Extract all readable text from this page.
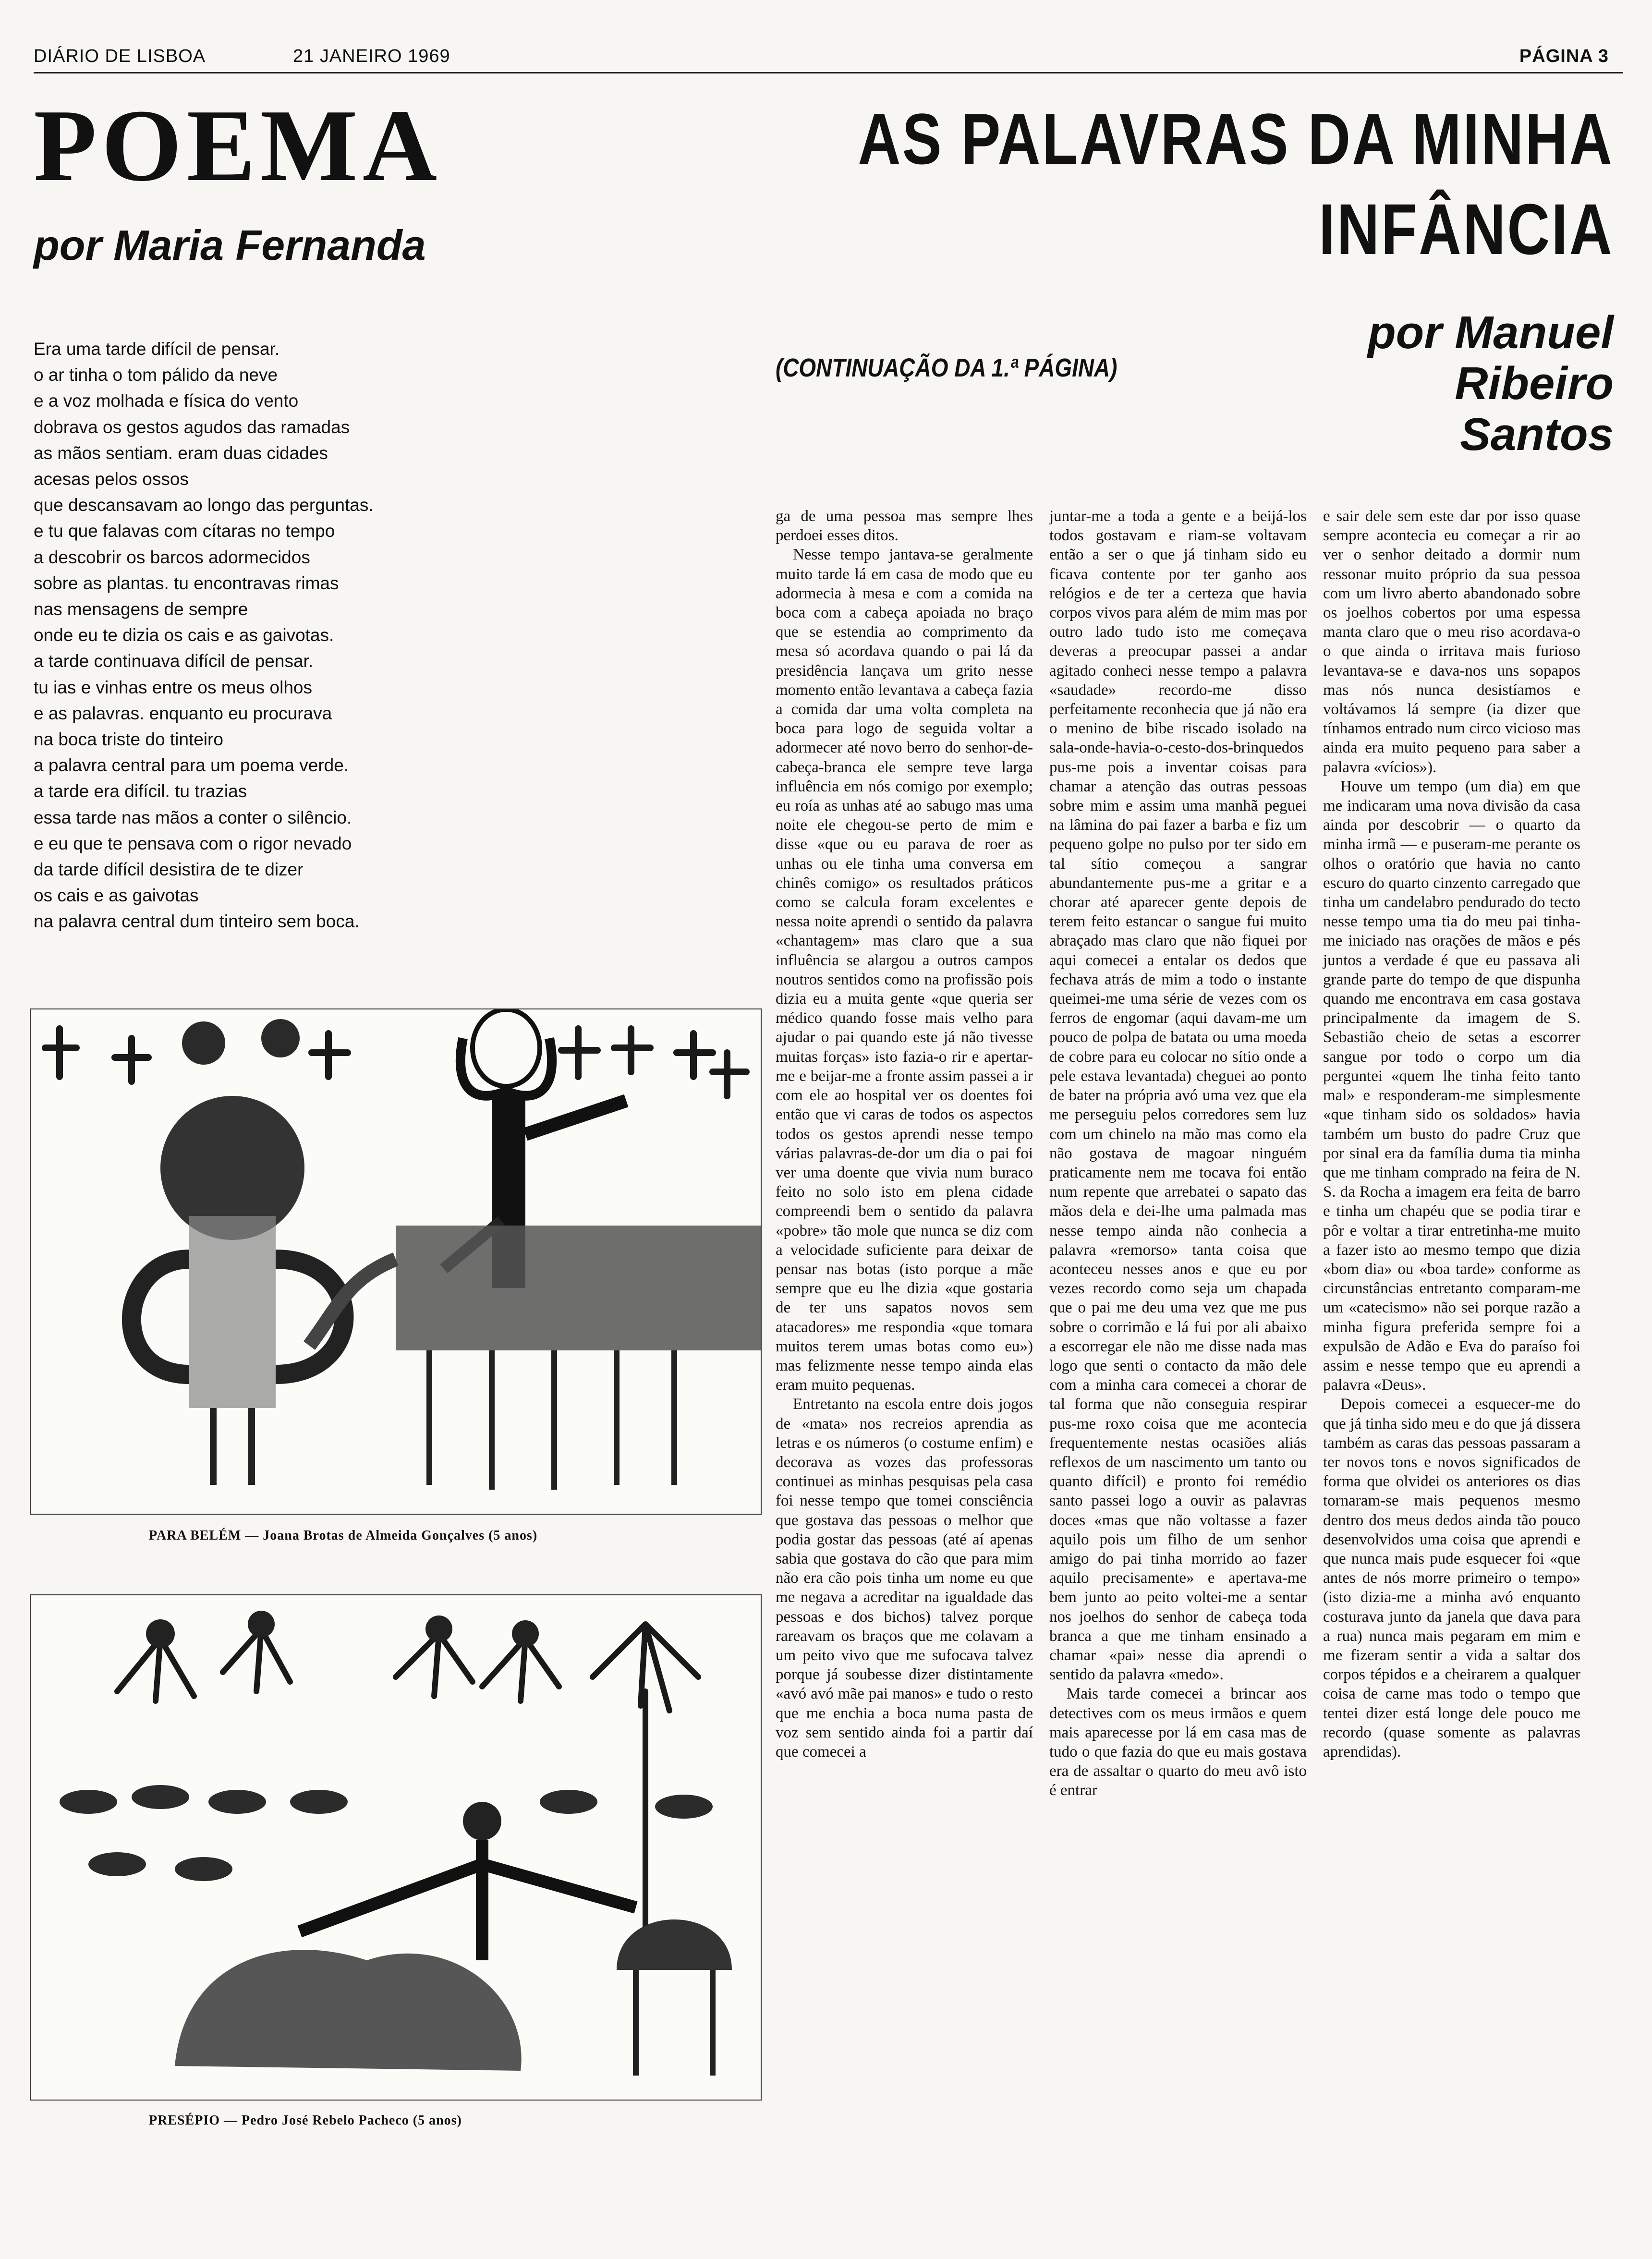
DIÁRIO DE LISBOA	21 JANEIRO 1969	PÁGINA 3
POEMA
por Maria Fernanda
Era uma tarde difícil de pensar.
o ar tinha o tom pálido da neve
e a voz molhada e física do vento
dobrava os gestos agudos das ramadas
as mãos sentiam. eram duas cidades
acesas pelos ossos
que descansavam ao longo das perguntas.
e tu que falavas com cítaras no tempo
a descobrir os barcos adormecidos
sobre as plantas. tu encontravas rimas
nas mensagens de sempre
onde eu te dizia os cais e as gaivotas.
a tarde continuava difícil de pensar.
tu ias e vinhas entre os meus olhos
e as palavras. enquanto eu procurava
na boca triste do tinteiro
a palavra central para um poema verde.
a tarde era difícil. tu trazias
essa tarde nas mãos a conter o silêncio.
e eu que te pensava com o rigor nevado
da tarde difícil desistira de te dizer
os cais e as gaivotas
na palavra central dum tinteiro sem boca.
PARA BELÉM — Joana Brotas de Almeida Gonçalves (5 anos)
PRESÉPIO — Pedro José Rebelo Pacheco (5 anos)
AS PALAVRAS DA MINHA
INFÂNCIA
(CONTINUAÇÃO DA 1.ª PÁGINA)
por Manuel
Ribeiro
Santos

ga de uma pessoa mas sempre lhes perdoei esses ditos.

Nesse tempo jantava-se geralmente muito tarde lá em casa de modo que eu adormecia à mesa e com a comida na boca com a cabeça apoiada no braço que se estendia ao comprimento da mesa só acordava quando o pai lá da presidência lançava um grito nesse momento então levantava a cabeça fazia a comida dar uma volta completa na boca para logo de seguida voltar a adormecer até novo berro do senhor-de-cabeça-branca ele sempre teve larga influência em nós comigo por exemplo; eu roía as unhas até ao sabugo mas uma noite ele chegou-se perto de mim e disse «que ou eu parava de roer as unhas ou ele tinha uma conversa em chinês comigo» os resultados práticos como se calcula foram excelentes e nessa noite aprendi o sentido da palavra «chantagem» mas claro que a sua influência se alargou a outros campos noutros sentidos como na profissão pois dizia eu a muita gente «que queria ser médico quando fosse mais velho para ajudar o pai quando este já não tivesse muitas forças» isto fazia-o rir e apertar-me e beijar-me a fronte assim passei a ir com ele ao hospital ver os doentes foi então que vi caras de todos os aspectos todos os gestos aprendi nesse tempo várias palavras-de-dor um dia o pai foi ver uma doente que vivia num buraco feito no solo isto em plena cidade compreendi bem o sentido da palavra «pobre» tão mole que nunca se diz com a velocidade suficiente para deixar de pensar nas botas (isto porque a mãe sempre que eu lhe dizia «que gostaria de ter uns sapatos novos sem atacadores» me respondia «que tomara muitos terem umas botas como eu») mas felizmente nesse tempo ainda elas eram muito pequenas.

Entretanto na escola entre dois jogos de «mata» nos recreios aprendia as letras e os números (o costume enfim) e decorava as vozes das professoras continuei as minhas pesquisas pela casa foi nesse tempo que tomei consciência que gostava das pessoas o melhor que podia gostar das pessoas (até aí apenas sabia que gostava do cão que para mim não era cão pois tinha um nome eu que me negava a acreditar na igualdade das pessoas e dos bichos) talvez porque rareavam os braços que me colavam a um peito vivo que me sufocava talvez porque já soubesse dizer distintamente «avó avó mãe pai manos» e tudo o resto que me enchia a boca numa pasta de voz sem sentido ainda foi a partir daí que comecei a

juntar-me a toda a gente e a beijá-los todos gostavam e riam-se voltavam então a ser o que já tinham sido eu ficava contente por ter ganho aos relógios e de ter a certeza que havia corpos vivos para além de mim mas por outro lado tudo isto me começava deveras a preocupar passei a andar agitado conheci nesse tempo a palavra «saudade» recordo-me disso perfeitamente reconhecia que já não era o menino de bibe riscado isolado na sala-onde-havia-o-cesto-dos-brinquedos pus-me pois a inventar coisas para chamar a atenção das outras pessoas sobre mim e assim uma manhã peguei na lâmina do pai fazer a barba e fiz um pequeno golpe no pulso por ter sido em tal sítio começou a sangrar abundantemente pus-me a gritar e a chorar até aparecer gente depois de terem feito estancar o sangue fui muito abraçado mas claro que não fiquei por aqui comecei a entalar os dedos que fechava atrás de mim a todo o instante queimei-me uma série de vezes com os ferros de engomar (aqui davam-me um pouco de polpa de batata ou uma moeda de cobre para eu colocar no sítio onde a pele estava levantada) cheguei ao ponto de bater na própria avó uma vez que ela me perseguiu pelos corredores sem luz com um chinelo na mão mas como ela não gostava de magoar ninguém praticamente nem me tocava foi então num repente que arrebatei o sapato das mãos dela e dei-lhe uma palmada mas nesse tempo ainda não conhecia a palavra «remorso» tanta coisa que aconteceu nesses anos e que eu por vezes recordo como seja um chapada que o pai me deu uma vez que me pus sobre o corrimão e lá fui por ali abaixo a escorregar ele não me disse nada mas logo que senti o contacto da mão dele com a minha cara comecei a chorar de tal forma que não conseguia respirar pus-me roxo coisa que me acontecia frequentemente nestas ocasiões aliás reflexos de um nascimento um tanto ou quanto difícil) e pronto foi remédio santo passei logo a ouvir as palavras doces «mas que não voltasse a fazer aquilo pois um filho de um senhor amigo do pai tinha morrido ao fazer aquilo precisamente» e apertava-me bem junto ao peito voltei-me a sentar nos joelhos do senhor de cabeça toda branca a que me tinham ensinado a chamar «pai» nesse dia aprendi o sentido da palavra «medo».

Mais tarde comecei a brincar aos detectives com os meus irmãos e quem mais aparecesse por lá em casa mas de tudo o que fazia do que eu mais gostava era de assaltar o quarto do meu avô isto é entrar

e sair dele sem este dar por isso quase sempre acontecia eu começar a rir ao ver o senhor deitado a dormir num ressonar muito próprio da sua pessoa com um livro aberto abandonado sobre os joelhos cobertos por uma espessa manta claro que o meu riso acordava-o o que ainda o irritava mais furioso levantava-se e dava-nos uns sopapos mas nós nunca desistíamos e voltávamos lá sempre (ia dizer que tínhamos entrado num circo vicioso mas ainda era muito pequeno para saber a palavra «vícios»).

Houve um tempo (um dia) em que me indicaram uma nova divisão da casa ainda por descobrir — o quarto da minha irmã — e puseram-me perante os olhos o oratório que havia no canto escuro do quarto cinzento carregado que tinha um candelabro pendurado do tecto nesse tempo uma tia do meu pai tinha-me iniciado nas orações de mãos e pés juntos a verdade é que eu passava ali grande parte do tempo de que dispunha quando me encontrava em casa gostava principalmente da imagem de S. Sebastião cheio de setas a escorrer sangue por todo o corpo um dia perguntei «quem lhe tinha feito tanto mal» e responderam-me simplesmente «que tinham sido os soldados» havia também um busto do padre Cruz que por sinal era da família duma tia minha que me tinham comprado na feira de N. S. da Rocha a imagem era feita de barro e tinha um chapéu que se podia tirar e pôr e voltar a tirar entretinha-me muito a fazer isto ao mesmo tempo que dizia «bom dia» ou «boa tarde» conforme as circunstâncias entretanto comparam-me um «catecismo» não sei porque razão a minha figura preferida sempre foi a expulsão de Adão e Eva do paraíso foi assim e nesse tempo que eu aprendi a palavra «Deus».

Depois comecei a esquecer-me do que já tinha sido meu e do que já dissera também as caras das pessoas passaram a ter novos tons e novos significados de forma que olvidei os anteriores os dias tornaram-se mais pequenos mesmo dentro dos meus dedos ainda tão pouco desenvolvidos uma coisa que aprendi e que nunca mais pude esquecer foi «que antes de nós morre primeiro o tempo» (isto dizia-me a minha avó enquanto costurava junto da janela que dava para a rua) nunca mais pegaram em mim e me fizeram sentir a vida a saltar dos corpos tépidos e a cheirarem a qualquer coisa de carne mas todo o tempo que tentei dizer está longe dele pouco me recordo (quase somente as palavras aprendidas).
